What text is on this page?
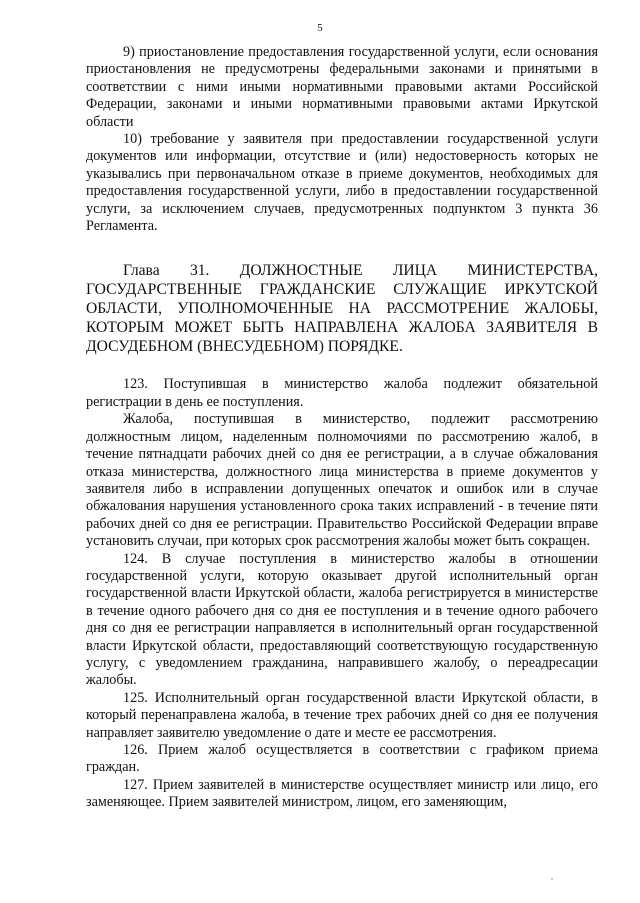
5

9) приостановление предоставления государственной услуги, если основания приостановления не предусмотрены федеральными законами и принятыми в соответствии с ними иными нормативными правовыми актами Российской Федерации, законами и иными нормативными правовыми актами Иркутской области

10) требование у заявителя при предоставлении государственной услуги документов или информации, отсутствие и (или) недостоверность которых не указывались при первоначальном отказе в приеме документов, необходимых для предоставления государственной услуги, либо в предоставлении государственной услуги, за исключением случаев, предусмотренных подпунктом 3 пункта 36 Регламента.

Глава 31. ДОЛЖНОСТНЫЕ ЛИЦА МИНИСТЕРСТВА, ГОСУДАРСТВЕННЫЕ ГРАЖДАНСКИЕ СЛУЖАЩИЕ ИРКУТСКОЙ ОБЛАСТИ, УПОЛНОМОЧЕННЫЕ НА РАССМОТРЕНИЕ ЖАЛОБЫ, КОТОРЫМ МОЖЕТ БЫТЬ НАПРАВЛЕНА ЖАЛОБА ЗАЯВИТЕЛЯ В ДОСУДЕБНОМ (ВНЕСУДЕБНОМ) ПОРЯДКЕ.

123. Поступившая в министерство жалоба подлежит обязательной регистрации в день ее поступления.

Жалоба, поступившая в министерство, подлежит рассмотрению должностным лицом, наделенным полномочиями по рассмотрению жалоб, в течение пятнадцати рабочих дней со дня ее регистрации, а в случае обжалования отказа министерства, должностного лица министерства в приеме документов у заявителя либо в исправлении допущенных опечаток и ошибок или в случае обжалования нарушения установленного срока таких исправлений - в течение пяти рабочих дней со дня ее регистрации. Правительство Российской Федерации вправе установить случаи, при которых срок рассмотрения жалобы может быть сокращен.

124. В случае поступления в министерство жалобы в отношении государственной услуги, которую оказывает другой исполнительный орган государственной власти Иркутской области, жалоба регистрируется в министерстве в течение одного рабочего дня со дня ее поступления и в течение одного рабочего дня со дня ее регистрации направляется в исполнительный орган государственной власти Иркутской области, предоставляющий соответствующую государственную услугу, с уведомлением гражданина, направившего жалобу, о переадресации жалобы.

125. Исполнительный орган государственной власти Иркутской области, в который перенаправлена жалоба, в течение трех рабочих дней со дня ее получения направляет заявителю уведомление о дате и месте ее рассмотрения.

126. Прием жалоб осуществляется в соответствии с графиком приема граждан.

127. Прием заявителей в министерстве осуществляет министр или лицо, его заменяющее. Прием заявителей министром, лицом, его заменяющим,
